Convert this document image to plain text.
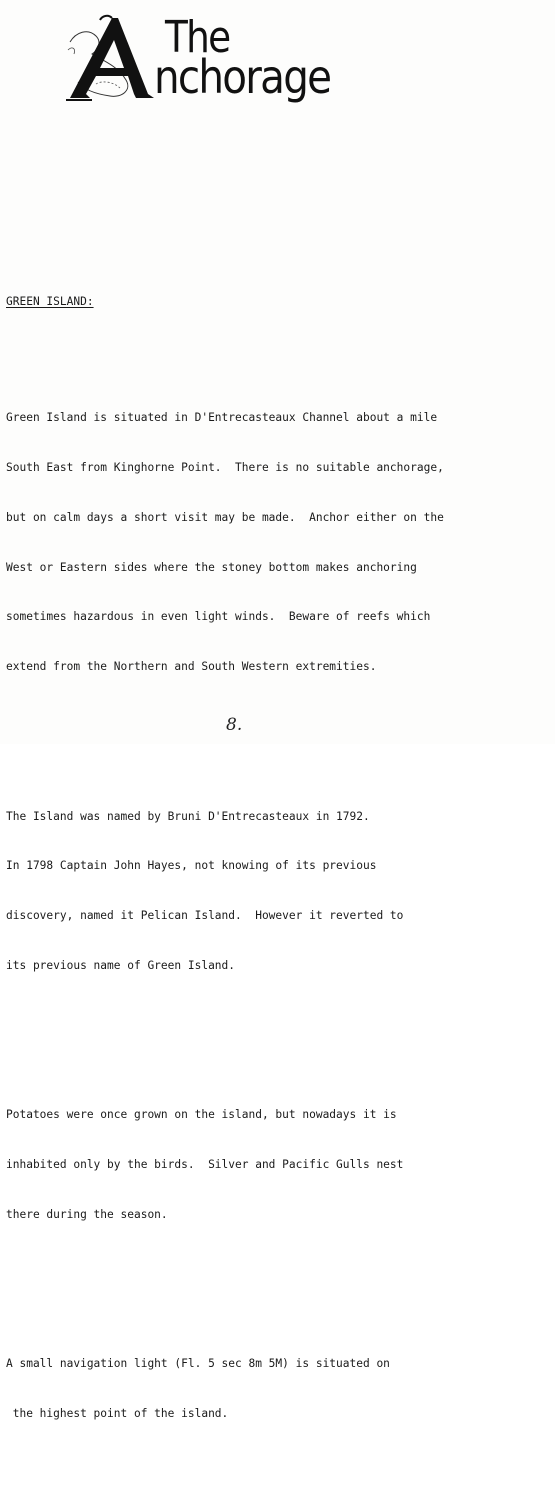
The
nchorage

GREEN ISLAND:

Green Island is situated in D'Entrecasteaux Channel about a mile

South East from Kinghorne Point.  There is no suitable anchorage,

but on calm days a short visit may be made.  Anchor either on the

West or Eastern sides where the stoney bottom makes anchoring

sometimes hazardous in even light winds.  Beware of reefs which

extend from the Northern and South Western extremities.

The Island was named by Bruni D'Entrecasteaux in 1792.

In 1798 Captain John Hayes, not knowing of its previous

discovery, named it Pelican Island.  However it reverted to

its previous name of Green Island.

Potatoes were once grown on the island, but nowadays it is

inhabited only by the birds.  Silver and Pacific Gulls nest

there during the season.

A small navigation light (Fl. 5 sec 8m 5M) is situated on

the highest point of the island.

8.
